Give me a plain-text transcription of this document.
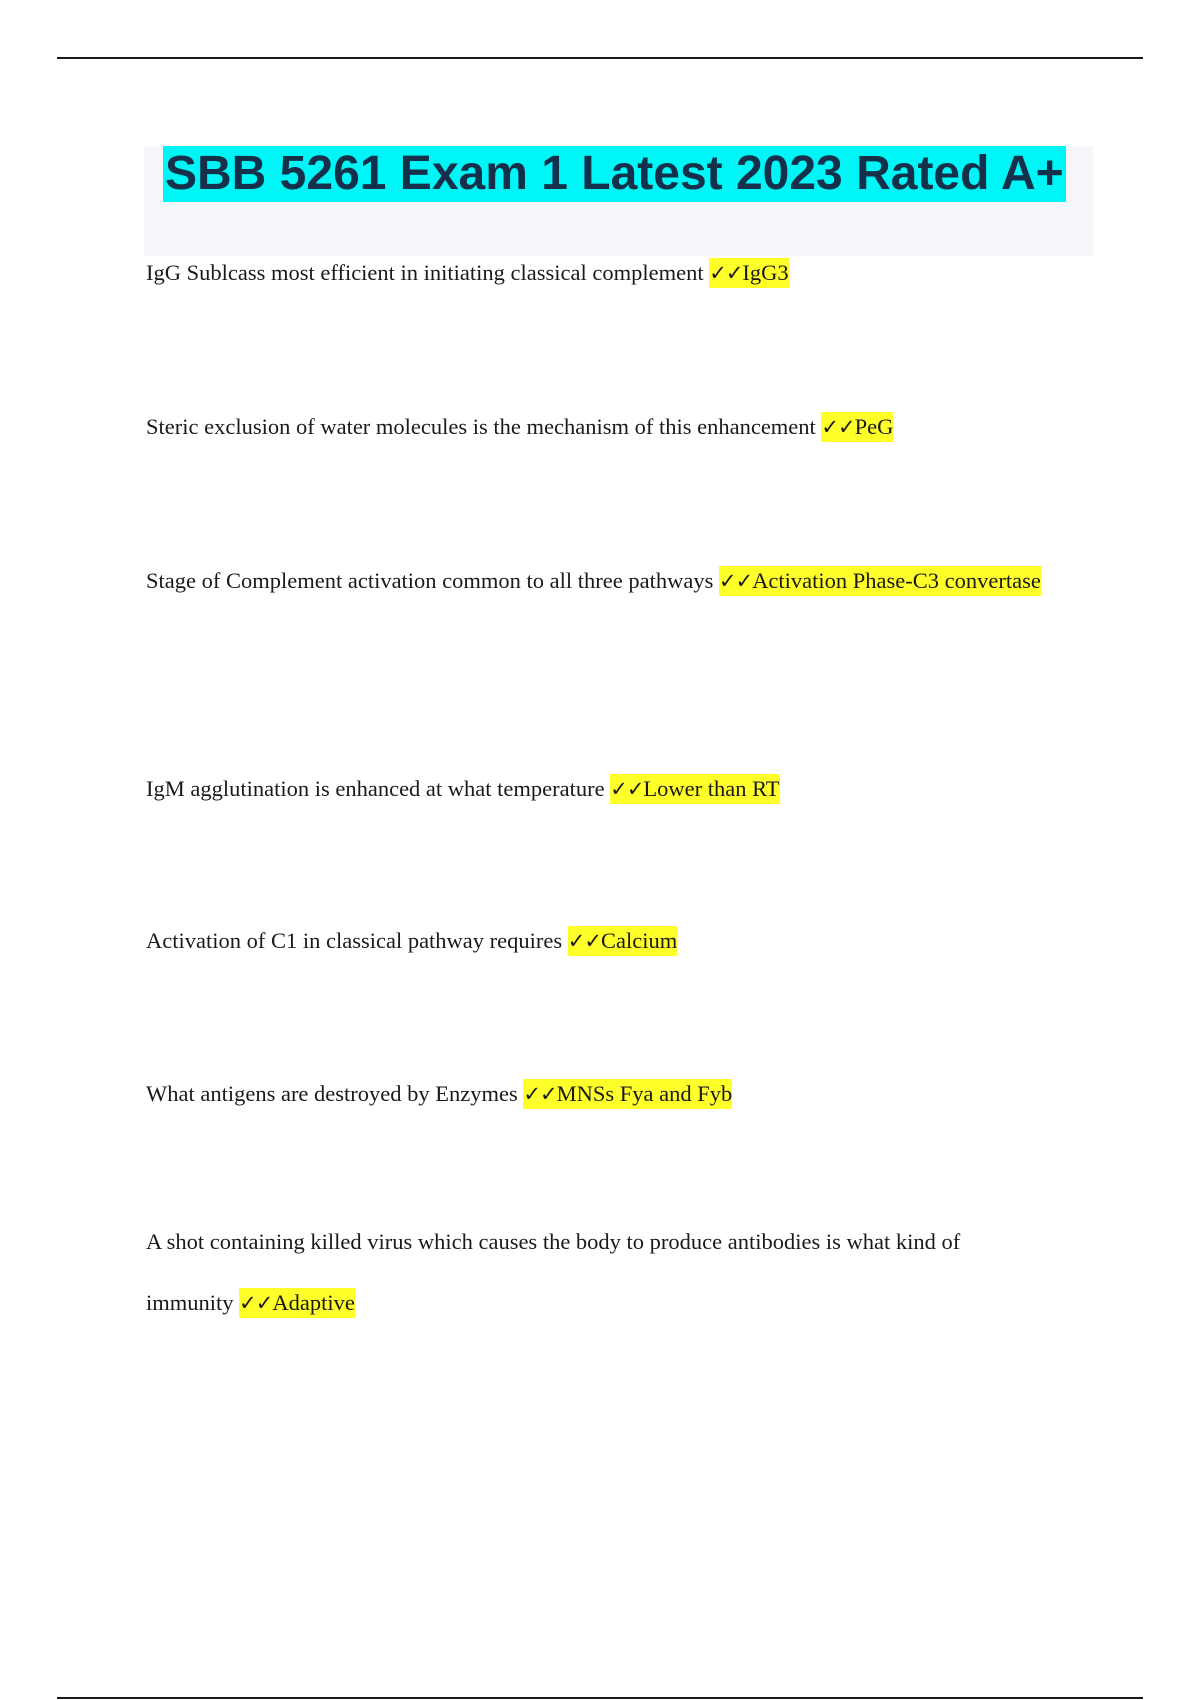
SBB 5261 Exam 1 Latest 2023 Rated A+

IgG Sublcass most efficient in initiating classical complement ✓✓IgG3

Steric exclusion of water molecules is the mechanism of this enhancement ✓✓PeG

Stage of Complement activation common to all three pathways ✓✓Activation Phase-C3 convertase

IgM agglutination is enhanced at what temperature ✓✓Lower than RT

Activation of C1 in classical pathway requires ✓✓Calcium

What antigens are destroyed by Enzymes ✓✓MNSs Fya and Fyb

A shot containing killed virus which causes the body to produce antibodies is what kind of immunity ✓✓Adaptive
